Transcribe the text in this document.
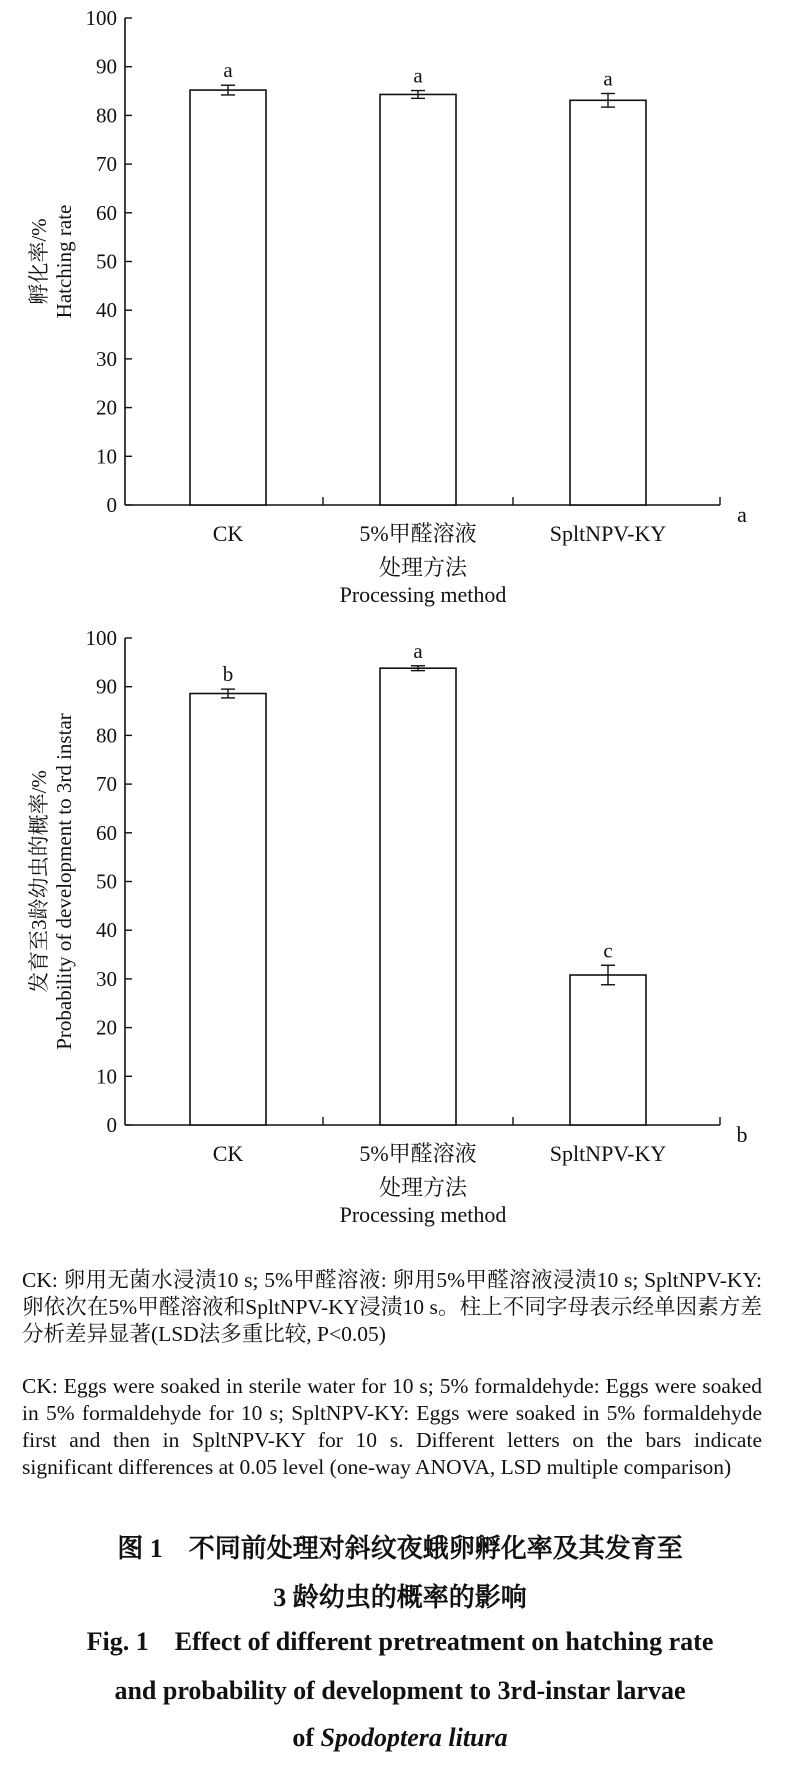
0
10
20
30
40
50
60
70
80
90
100
a
CK
a
5%甲醛溶液
a
SpltNPV-KY
a
处理方法
Processing method
孵化率/% Hatching rate
0
10
20
30
40
50
60
70
80
90
100
b
CK
a
5%甲醛溶液
c
SpltNPV-KY
b
处理方法
Processing method
发育至3龄幼虫的概率/% Probability of development to 3rd instar
CK: 卵用无菌水浸渍10 s; 5%甲醛溶液: 卵用5%甲醛溶液浸渍10 s; SpltNPV-KY: 卵依次在5%甲醛溶液和SpltNPV-KY浸渍10 s。柱上不同字母表示经单因素方差分析差异显著(LSD法多重比较, P<0.05)
CK: Eggs were soaked in sterile water for 10 s; 5% formaldehyde: Eggs were soaked in 5% formaldehyde for 10 s; SpltNPV-KY: Eggs were soaked in 5% formaldehyde first and then in SpltNPV-KY for 10 s. Different letters on the bars indicate significant differences at 0.05 level (one-way ANOVA, LSD multiple comparison)
图 1 不同前处理对斜纹夜蛾卵孵化率及其发育至
3 龄幼虫的概率的影响
Fig. 1 Effect of different pretreatment on hatching rate
and probability of development to 3rd-instar larvae
of Spodoptera litura
